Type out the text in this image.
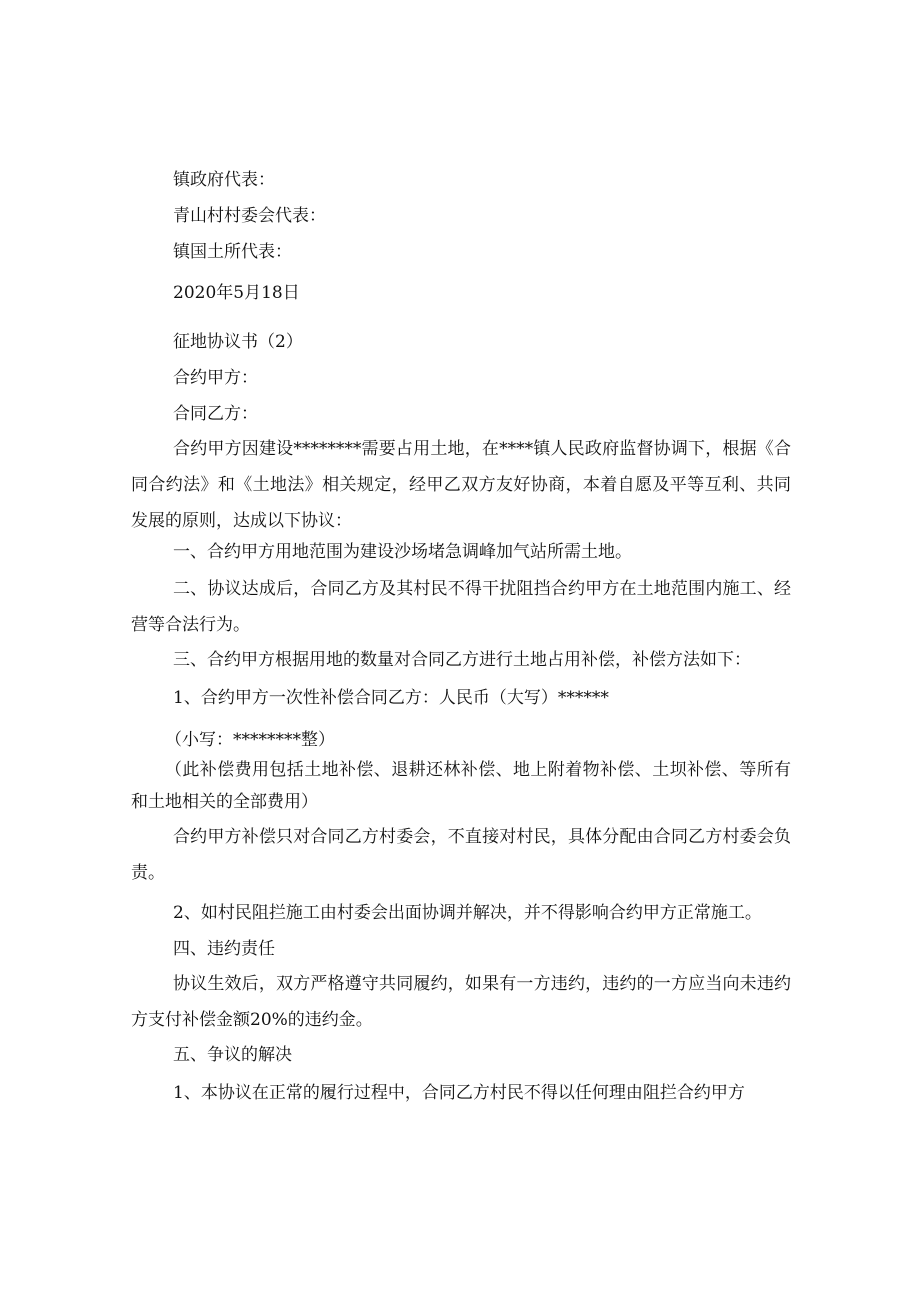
镇政府代表：

青山村村委会代表：

镇国土所代表：

2020年5月18日

征地协议书（2）

合约甲方：

合同乙方：

合约甲方因建设********需要占用土地，在****镇人民政府监督协调下，根据《合同合约法》和《土地法》相关规定，经甲乙双方友好协商，本着自愿及平等互利、共同发展的原则，达成以下协议：

一、合约甲方用地范围为建设沙场堵急调峰加气站所需土地。

二、协议达成后，合同乙方及其村民不得干扰阻挡合约甲方在土地范围内施工、经营等合法行为。

三、合约甲方根据用地的数量对合同乙方进行土地占用补偿，补偿方法如下：

1、合约甲方一次性补偿合同乙方：人民币（大写）******

（小写：********整）

（此补偿费用包括土地补偿、退耕还林补偿、地上附着物补偿、土坝补偿、等所有和土地相关的全部费用）

合约甲方补偿只对合同乙方村委会，不直接对村民，具体分配由合同乙方村委会负责。

2、如村民阻拦施工由村委会出面协调并解决，并不得影响合约甲方正常施工。

四、违约责任

协议生效后，双方严格遵守共同履约，如果有一方违约，违约的一方应当向未违约方支付补偿金额20%的违约金。

五、争议的解决

1、本协议在正常的履行过程中，合同乙方村民不得以任何理由阻拦合约甲方
